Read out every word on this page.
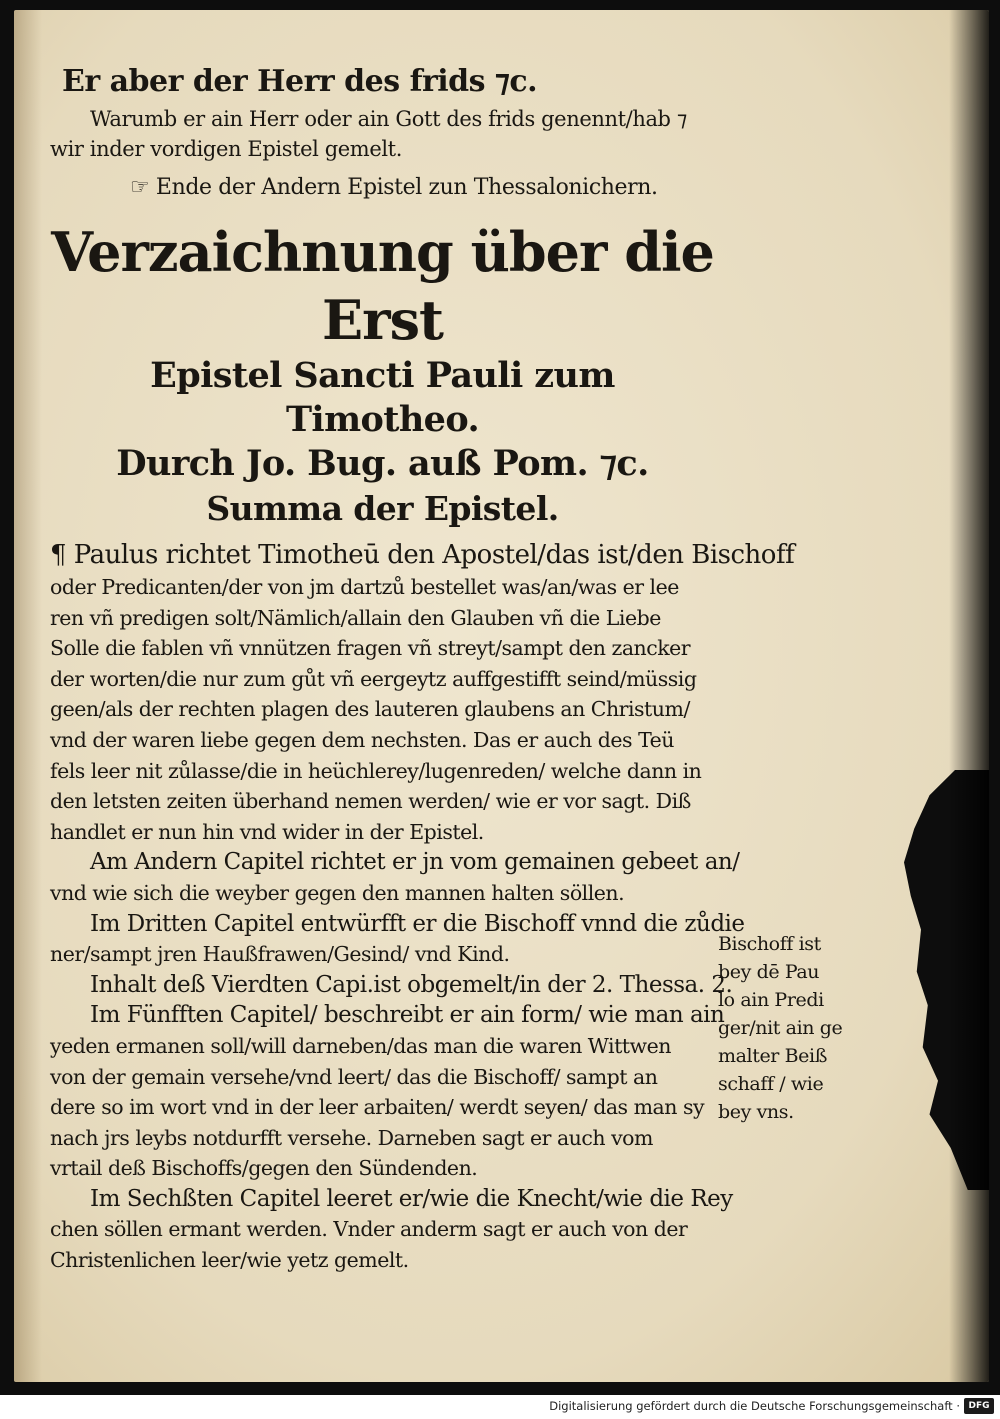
Er aber der Herr des frids ⁊c.
Warumb er ain Herr oder ain Gott des frids genennt/hab ⁊
wir inder vordigen Epistel gemelt.
☞ Ende der Andern Epistel zun Thessalonichern.
Verzaichnung über die Erst
Epistel Sancti Pauli zum Timotheo.
Durch Jo. Bug. auß Pom. ⁊c.
Summa der Epistel.
¶ Paulus richtet Timotheū den Apostel/das ist/den Bischoff
oder Predicanten/der von jm dartzů bestellet was/an/was er lee
ren vñ predigen solt/Nämlich/allain den Glauben vñ die Liebe
Solle die fablen vñ vnnützen fragen vñ streyt/sampt den zancker
der worten/die nur zum gůt vñ eergeytz auffgestifft seind/müssig
geen/als der rechten plagen des lauteren glaubens an Christum/
vnd der waren liebe gegen dem nechsten. Das er auch des Teü
fels leer nit zůlasse/die in heüchlerey/lugenreden/ welche dann in
den letsten zeiten überhand nemen werden/ wie er vor sagt. Diß
handlet er nun hin vnd wider in der Epistel.
Am Andern Capitel richtet er jn vom gemainen gebeet an/
vnd wie sich die weyber gegen den mannen halten söllen.
Im Dritten Capitel entwürfft er die Bischoff vnnd die zůdie
ner/sampt jren Haußfrawen/Gesind/ vnd Kind.
Inhalt deß Vierdten Capi.ist obgemelt/in der 2. Thessa. 2.
Im Fünfften Capitel/ beschreibt er ain form/ wie man ain
yeden ermanen soll/will darneben/das man die waren Wittwen
von der gemain versehe/vnd leert/ das die Bischoff/ sampt an
dere so im wort vnd in der leer arbaiten/ werdt seyen/ das man sy
nach jrs leybs notdurfft versehe. Darneben sagt er auch vom
vrtail deß Bischoffs/gegen den Sündenden.
Im Sechßten Capitel leeret er/wie die Knecht/wie die Rey
chen söllen ermant werden. Vnder anderm sagt er auch von der
Christenlichen leer/wie yetz gemelt.
Bischoff ist
bey dē Pau
lo ain Predi
ger/nit ain ge
malter Beiß
schaff / wie
bey vns.
Digitalisierung gefördert durch die Deutsche Forschungsgemeinschaft · DFG
